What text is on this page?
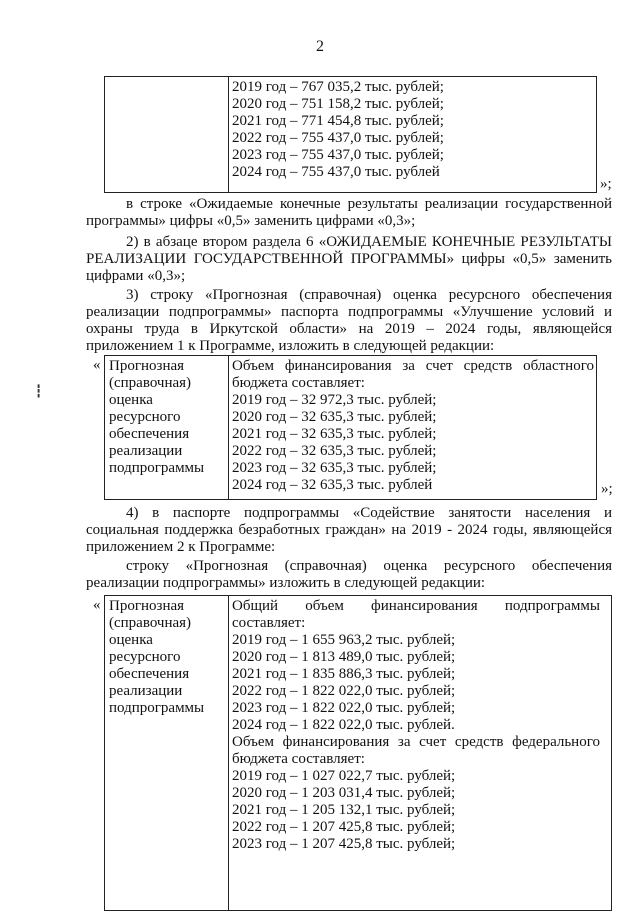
2
2019 год – 767 035,2 тыс. рублей;
2020 год – 751 158,2 тыс. рублей;
2021 год – 771 454,8 тыс. рублей;
2022 год – 755 437,0 тыс. рублей;
2023 год – 755 437,0 тыс. рублей;
2024 год – 755 437,0 тыс. рублей
»;
в строке «Ожидаемые конечные результаты реализации государственной
программы» цифры «0,5» заменить цифрами «0,3»;
2) в абзаце втором раздела 6 «ОЖИДАЕМЫЕ КОНЕЧНЫЕ РЕЗУЛЬТАТЫ
РЕАЛИЗАЦИИ ГОСУДАРСТВЕННОЙ ПРОГРАММЫ» цифры «0,5» заменить
цифрами «0,3»;
3) строку «Прогнозная (справочная) оценка ресурсного обеспечения
реализации подпрограммы» паспорта подпрограммы «Улучшение условий и
охраны труда в Иркутской области» на 2019 – 2024 годы, являющейся
приложением 1 к Программе, изложить в следующей редакции:
« Прогнозная
(справочная)
оценка
ресурсного
обеспечения
реализации
подпрограммы
Объем финансирования за счет средств областного
бюджета составляет:
2019 год – 32 972,3 тыс. рублей;
2020 год – 32 635,3 тыс. рублей;
2021 год – 32 635,3 тыс. рублей;
2022 год – 32 635,3 тыс. рублей;
2023 год – 32 635,3 тыс. рублей;
2024 год – 32 635,3 тыс. рублей	»;
4) в паспорте подпрограммы «Содействие занятости населения и
социальная поддержка безработных граждан» на 2019 - 2024 годы, являющейся
приложением 2 к Программе:
строку «Прогнозная (справочная) оценка ресурсного обеспечения
реализации подпрограммы» изложить в следующей редакции:
« Прогнозная
(справочная)
оценка
ресурсного
обеспечения
реализации
подпрограммы
Общий объем финансирования подпрограммы
составляет:
2019 год – 1 655 963,2 тыс. рублей;
2020 год – 1 813 489,0 тыс. рублей;
2021 год – 1 835 886,3 тыс. рублей;
2022 год – 1 822 022,0 тыс. рублей;
2023 год – 1 822 022,0 тыс. рублей;
2024 год – 1 822 022,0 тыс. рублей.
Объем финансирования за счет средств федерального
бюджета составляет:
2019 год – 1 027 022,7 тыс. рублей;
2020 год – 1 203 031,4 тыс. рублей;
2021 год – 1 205 132,1 тыс. рублей;
2022 год – 1 207 425,8 тыс. рублей;
2023 год – 1 207 425,8 тыс. рублей;
┇
